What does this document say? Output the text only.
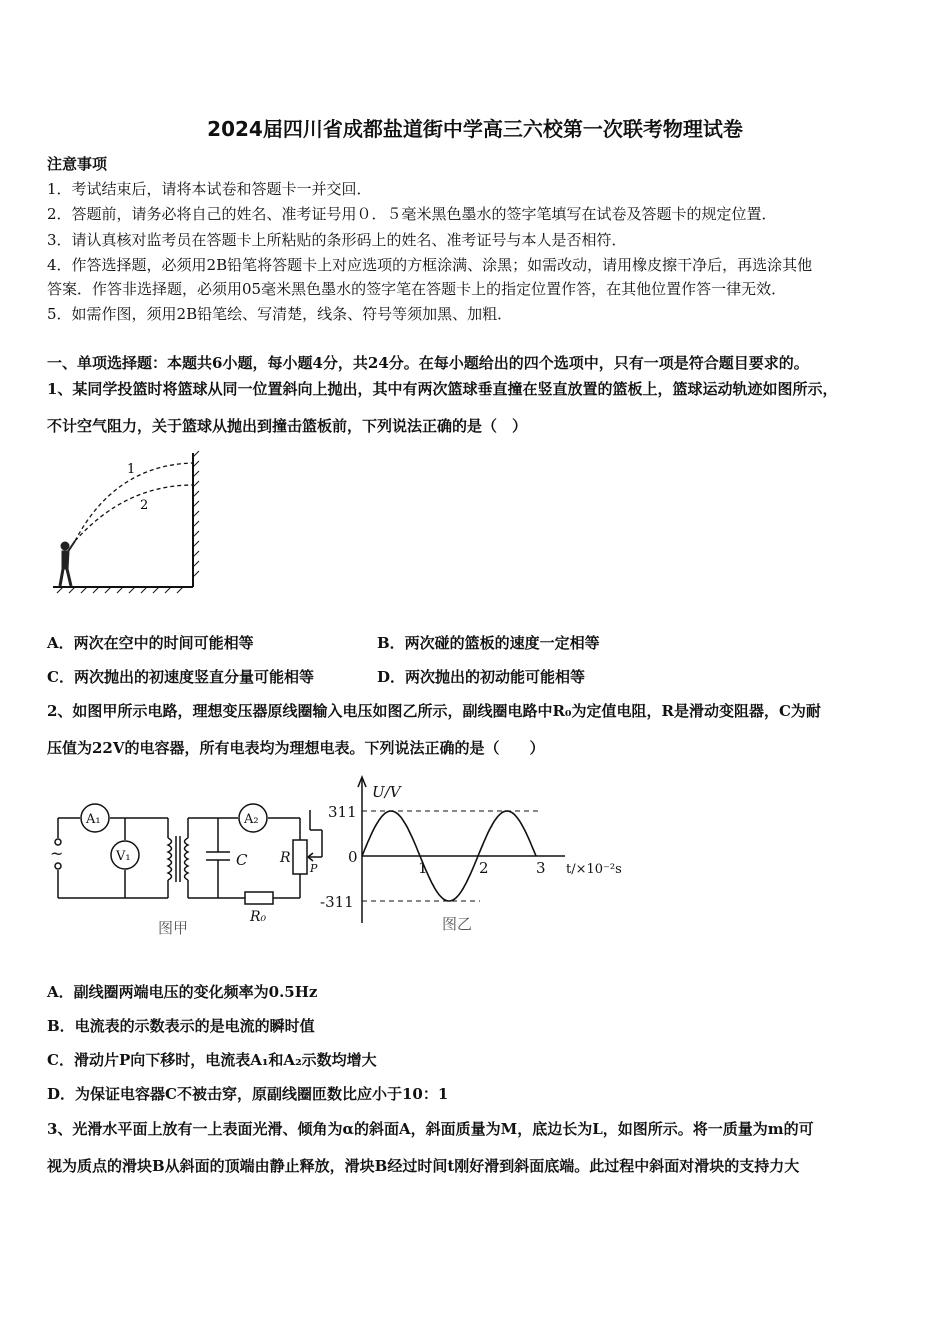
2024届四川省成都盐道街中学高三六校第一次联考物理试卷
注意事项
1．考试结束后，请将本试卷和答题卡一并交回．
2．答题前，请务必将自己的姓名、准考证号用０．５毫米黑色墨水的签字笔填写在试卷及答题卡的规定位置．
3．请认真核对监考员在答题卡上所粘贴的条形码上的姓名、准考证号与本人是否相符．
4．作答选择题，必须用2B铅笔将答题卡上对应选项的方框涂满、涂黑；如需改动，请用橡皮擦干净后，再选涂其他
答案．作答非选择题，必须用05毫米黑色墨水的签字笔在答题卡上的指定位置作答，在其他位置作答一律无效．
5．如需作图，须用2B铅笔绘、写清楚，线条、符号等须加黑、加粗．
一、单项选择题：本题共6小题，每小题4分，共24分。在每小题给出的四个选项中，只有一项是符合题目要求的。
1、某同学投篮时将篮球从同一位置斜向上抛出，其中有两次篮球垂直撞在竖直放置的篮板上，篮球运动轨迹如图所示，
不计空气阻力，关于篮球从抛出到撞击篮板前，下列说法正确的是（　）
1
2
A．两次在空中的时间可能相等	B．两次碰的篮板的速度一定相等
C．两次抛出的初速度竖直分量可能相等	D．两次抛出的初动能可能相等
2、如图甲所示电路，理想变压器原线圈输入电压如图乙所示，副线圈电路中R₀为定值电阻，R是滑动变阻器，C为耐
压值为22V的电容器，所有电表均为理想电表。下列说法正确的是（　　）
A₁
V₁
A₂
~	C R
P
R₀
图甲
U/V
311
0
-311
1	2	3 t/×10⁻²s
图乙
A．副线圈两端电压的变化频率为0.5Hz
B．电流表的示数表示的是电流的瞬时值
C．滑动片P向下移时，电流表A₁和A₂示数均增大
D．为保证电容器C不被击穿，原副线圈匝数比应小于10：1
3、光滑水平面上放有一上表面光滑、倾角为α的斜面A，斜面质量为M，底边长为L，如图所示。将一质量为m的可
视为质点的滑块B从斜面的顶端由静止释放，滑块B经过时间t刚好滑到斜面底端。此过程中斜面对滑块的支持力大
